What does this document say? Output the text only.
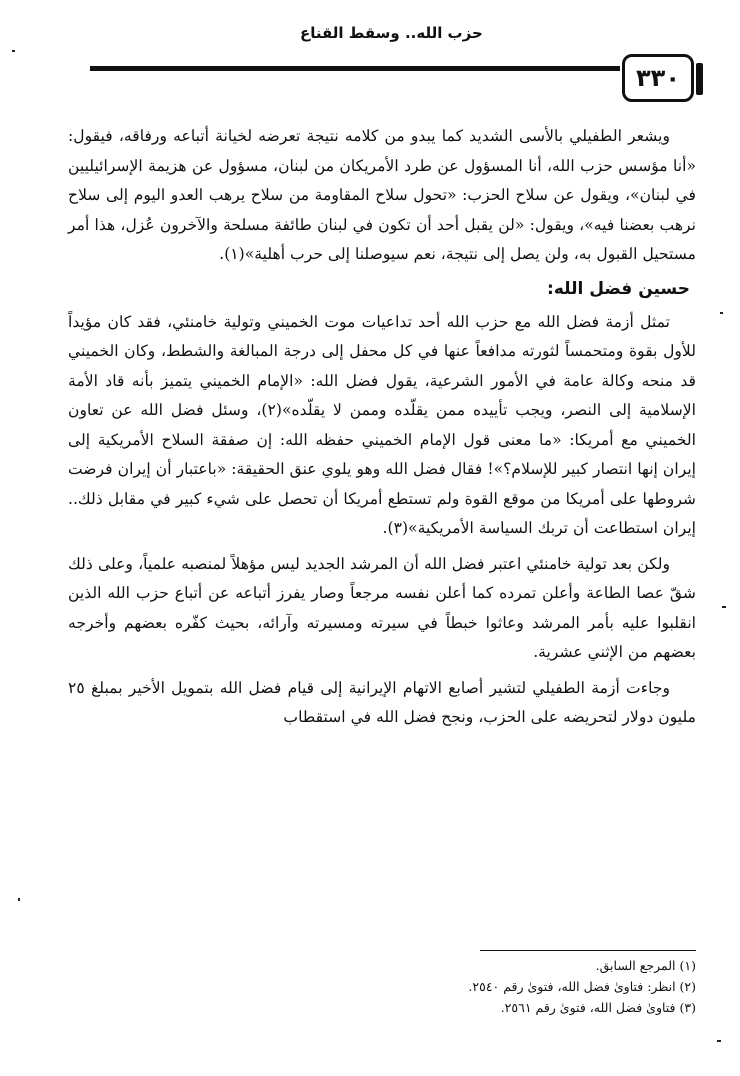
حزب الله.. وسقط القناع
٣٣٠

ويشعر الطفيلي بالأسى الشديد كما يبدو من كلامه نتيجة تعرضه لخيانة أتباعه ورفاقه، فيقول: «أنا مؤسس حزب الله، أنا المسؤول عن طرد الأمريكان من لبنان، مسؤول عن هزيمة الإسرائيليين في لبنان»، ويقول عن سلاح الحزب: «تحول سلاح المقاومة من سلاح يرهب العدو اليوم إلى سلاح نرهب بعضنا فيه»، ويقول: «لن يقبل أحد أن تكون في لبنان طائفة مسلحة والآخرون عُزل، هذا أمر مستحيل القبول به، ولن يصل إلى نتيجة، نعم سيوصلنا إلى حرب أهلية»(١).

حسين فضل الله:

تمثل أزمة فضل الله مع حزب الله أحد تداعيات موت الخميني وتولية خامنئي، فقد كان مؤيداً للأول بقوة ومتحمساً لثورته مدافعاً عنها في كل محفل إلى درجة المبالغة والشطط، وكان الخميني قد منحه وكالة عامة في الأمور الشرعية، يقول فضل الله: «الإمام الخميني يتميز بأنه قاد الأمة الإسلامية إلى النصر، ويجب تأييده ممن يقلّده وممن لا يقلّده»(٢)، وسئل فضل الله عن تعاون الخميني مع أمريكا: «ما معنى قول الإمام الخميني حفظه الله: إن صفقة السلاح الأمريكية إلى إيران إنها انتصار كبير للإسلام؟»! فقال فضل الله وهو يلوي عنق الحقيقة: «باعتبار أن إيران فرضت شروطها على أمريكا من موقع القوة ولم تستطع أمريكا أن تحصل على شيء كبير في مقابل ذلك.. إيران استطاعت أن تربك السياسة الأمريكية»(٣).

ولكن بعد تولية خامنئي اعتبر فضل الله أن المرشد الجديد ليس مؤهلاً لمنصبه علمياً، وعلى ذلك شقّ عصا الطاعة وأعلن تمرده كما أعلن نفسه مرجعاً وصار يفرز أتباعه عن أتباع حزب الله الذين انقلبوا عليه بأمر المرشد وعاثوا خبطاً في سيرته ومسيرته وآرائه، بحيث كفّره بعضهم وأخرجه بعضهم من الإثني عشرية.

وجاءت أزمة الطفيلي لتشير أصابع الاتهام الإيرانية إلى قيام فضل الله بتمويل الأخير بمبلغ ٢٥ مليون دولار لتحريضه على الحزب، ونجح فضل الله في استقطاب

(١) المرجع السابق.

(٢) انظر: فتاوىٰ فضل الله، فتوىٰ رقم ٢٥٤٠.

(٣) فتاوىٰ فضل الله، فتوىٰ رقم ٢٥٦١.
